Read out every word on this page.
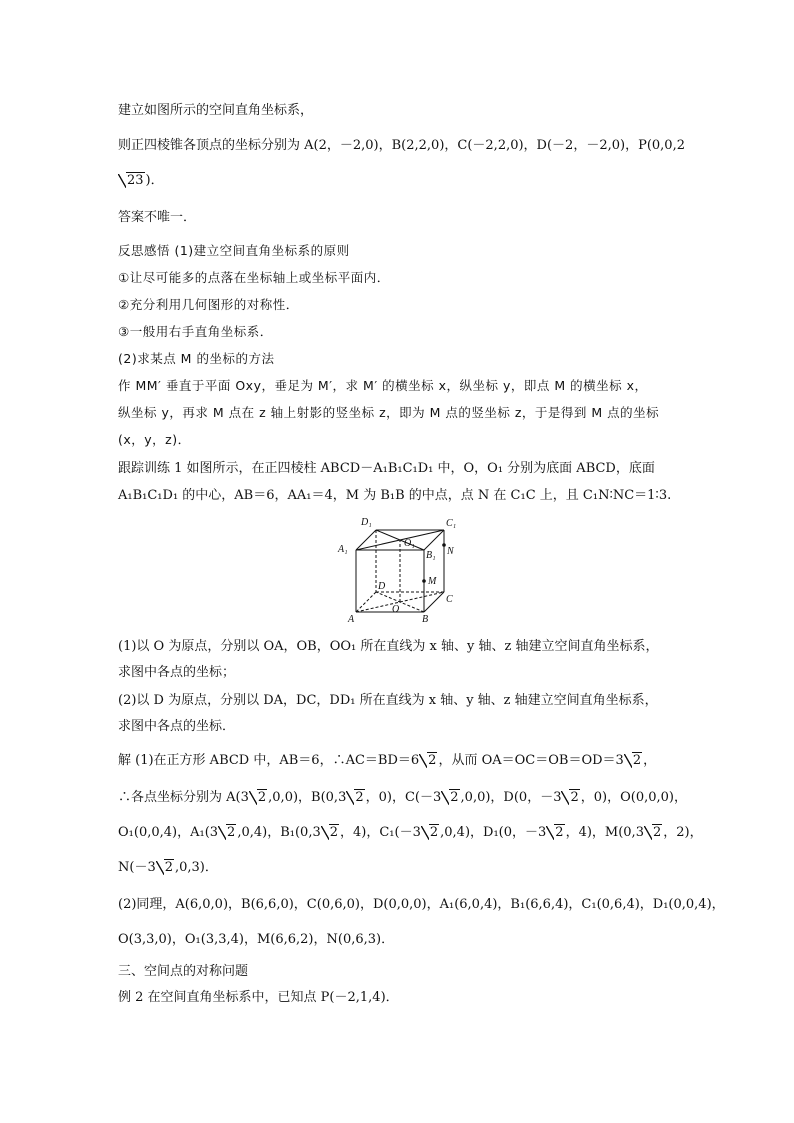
建立如图所示的空间直角坐标系，
则正四棱锥各顶点的坐标分别为 A(2，－2,0)，B(2,2,0)，C(－2,2,0)，D(－2，－2,0)，P(0,0,2
23 )．
答案不唯一．
反思感悟 (1)建立空间直角坐标系的原则
①让尽可能多的点落在坐标轴上或坐标平面内．
②充分利用几何图形的对称性．
③一般用右手直角坐标系．
(2)求某点 M 的坐标的方法
作 MM′ 垂直于平面 Oxy，垂足为 M′，求 M′ 的横坐标 x，纵坐标 y，即点 M 的横坐标 x，
纵坐标 y，再求 M 点在 z 轴上射影的竖坐标 z，即为 M 点的竖坐标 z，于是得到 M 点的坐标
(x，y，z)．
跟踪训练 1 如图所示，在正四棱柱 ABCD－A₁B₁C₁D₁ 中，O，O₁ 分别为底面 ABCD，底面
A₁B₁C₁D₁ 的中心，AB＝6，AA₁＝4，M 为 B₁B 的中点，点 N 在 C₁C 上，且 C₁N∶NC＝1∶3.
D₁	C₁
A₁
O₁
B₁ N
M
D
C
O
A	B
(1)以 O 为原点，分别以 OA，OB，OO₁ 所在直线为 x 轴、y 轴、z 轴建立空间直角坐标系，
求图中各点的坐标；
(2)以 D 为原点，分别以 DA，DC，DD₁ 所在直线为 x 轴、y 轴、z 轴建立空间直角坐标系，
求图中各点的坐标．
解 (1)在正方形 ABCD 中，AB＝6，∴AC＝BD＝6 2 ，从而 OA＝OC＝OB＝OD＝3 2 ，
∴各点坐标分别为 A(3 2 ,0,0)，B(0,3 2 ，0)，C(－3 2 ,0,0)，D(0，－3 2 ，0)，O(0,0,0)，
O₁(0,0,4)，A₁(3 2 ,0,4)，B₁(0,3 2 ，4)，C₁(－3 2 ,0,4)，D₁(0，－3 2 ，4)，M(0,3 2 ，2)，
N(－3 2 ,0,3)．
(2)同理，A(6,0,0)，B(6,6,0)，C(0,6,0)，D(0,0,0)，A₁(6,0,4)，B₁(6,6,4)，C₁(0,6,4)，D₁(0,0,4)，
O(3,3,0)，O₁(3,3,4)，M(6,6,2)，N(0,6,3)．
三、空间点的对称问题
例 2 在空间直角坐标系中，已知点 P(－2,1,4)．
